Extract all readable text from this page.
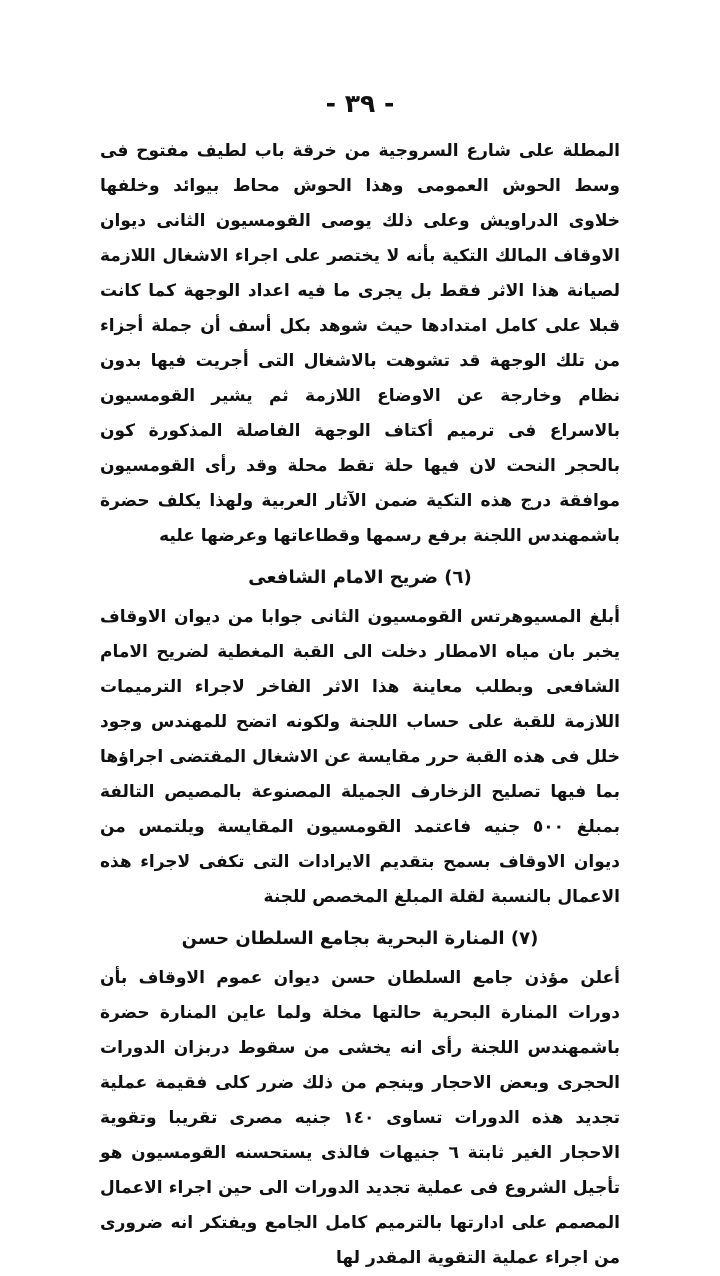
- ٣٩ -

المطلة على شارع السروجية من خرقة باب لطيف مفتوح فى وسط الحوش العمومى وهذا الحوش محاط بيوائد وخلفها خلاوى الدراويش وعلى ذلك يوصى القومسيون الثانى ديوان الاوقاف المالك التكية بأنه لا يختصر على اجراء الاشغال اللازمة لصيانة هذا الاثر فقط بل يجرى ما فيه اعداد الوجهة كما كانت قبلا على كامل امتدادها حيث شوهد بكل أسف أن جملة أجزاء من تلك الوجهة قد تشوهت بالاشغال التى أجريت فيها بدون نظام وخارجة عن الاوضاع اللازمة ثم يشير القومسيون بالاسراع فى ترميم أكتاف الوجهة الفاصلة المذكورة كون بالحجر النحت لان فيها حلة تقط محلة وقد رأى القومسيون موافقة درج هذه التكية ضمن الآثار العربية ولهذا يكلف حضرة باشمهندس اللجنة برفع رسمها وقطاعاتها وعرضها عليه

(٦) ضريح الامام الشافعى

أبلغ المسيوهرتس القومسيون الثانى جوابا من ديوان الاوقاف يخبر بان مياه الامطار دخلت الى القبة المغطية لضريح الامام الشافعى وبطلب معاينة هذا الاثر الفاخر لاجراء الترميمات اللازمة للقبة على حساب اللجنة ولكونه اتضح للمهندس وجود خلل فى هذه القبة حرر مقايسة عن الاشغال المقتضى اجراؤها بما فيها تصليح الزخارف الجميلة المصنوعة بالمصيص التالفة بمبلغ ٥٠٠ جنيه فاعتمد القومسيون المقايسة ويلتمس من ديوان الاوقاف بسمح بتقديم الايرادات التى تكفى لاجراء هذه الاعمال بالنسبة لقلة المبلغ المخصص للجنة

(٧) المنارة البحرية بجامع السلطان حسن

أعلن مؤذن جامع السلطان حسن ديوان عموم الاوقاف بأن دورات المنارة البحرية حالتها مخلة ولما عاين المنارة حضرة باشمهندس اللجنة رأى انه يخشى من سقوط دربزان الدورات الحجرى وبعض الاحجار وينجم من ذلك ضرر كلى فقيمة عملية تجديد هذه الدورات تساوى ١٤٠ جنيه مصرى تقريبا وتقوية الاحجار الغير ثابتة ٦ جنيهات فالذى يستحسنه القومسيون هو تأجيل الشروع فى عملية تجديد الدورات الى حين اجراء الاعمال المصمم على ادارتها بالترميم كامل الجامع ويفتكر انه ضرورى من اجراء عملية التقوية المقدر لها
